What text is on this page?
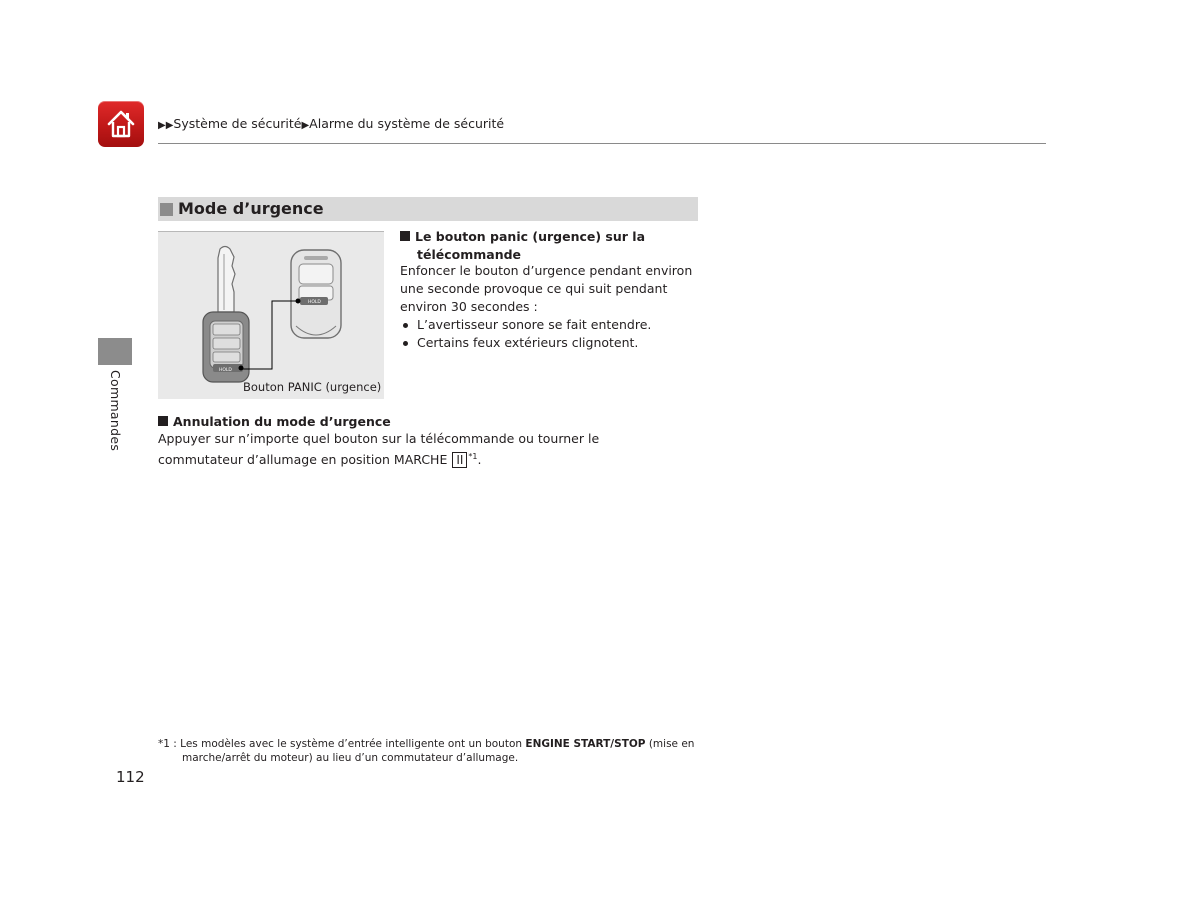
▶▶Système de sécurité▶Alarme du système de sécurité
Commandes
Mode d’urgence
HOLD
HOLD
Bouton PANIC (urgence)
Le bouton panic (urgence) sur la
télécommande
Enfoncer le bouton d’urgence pendant environ une seconde provoque ce qui suit pendant environ 30 secondes :
L’avertisseur sonore se fait entendre.
Certains feux extérieurs clignotent.
Annulation du mode d’urgence
Appuyer sur n’importe quel bouton sur la télécommande ou tourner le commutateur d’allumage en position MARCHE II $^{*1}$.
*1 : Les modèles avec le système d’entrée intelligente ont un bouton ENGINE START/STOP (mise en
marche/arrêt du moteur) au lieu d’un commutateur d’allumage.
112
